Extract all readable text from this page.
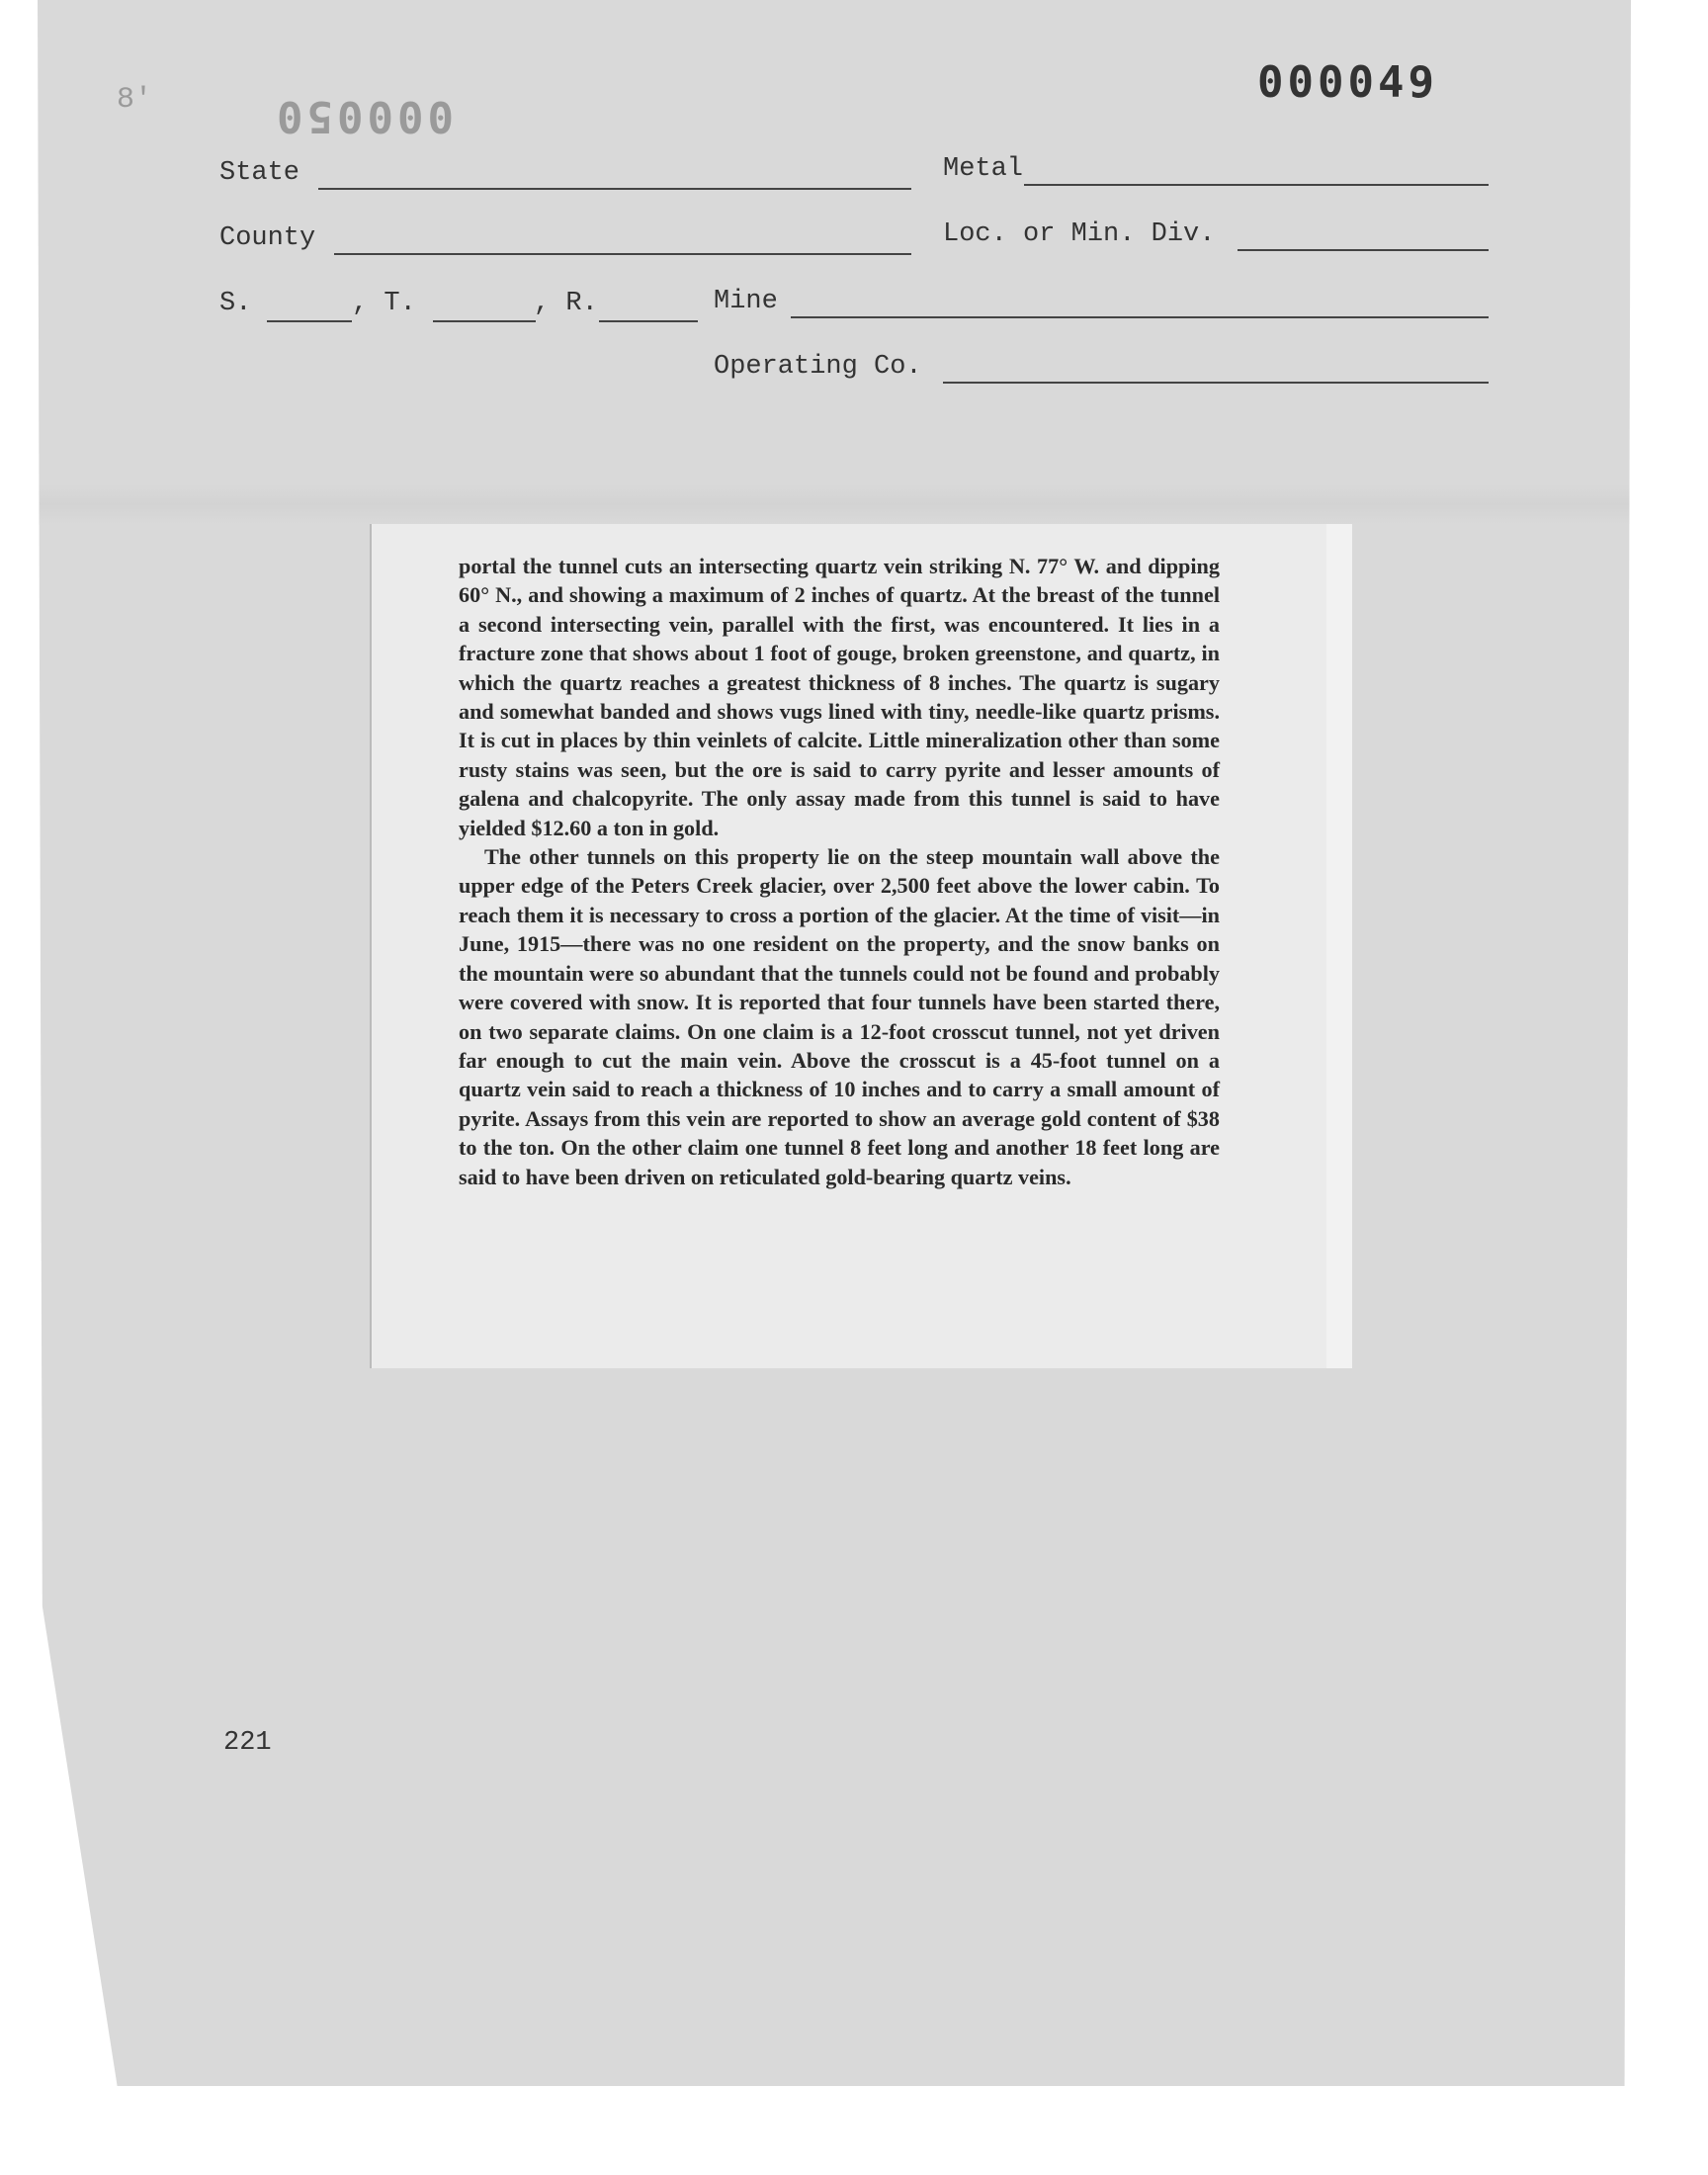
8'	000050
000049
State	Metal
County	Loc. or Min. Div.
S.	, T.	, R.	Mine
Operating Co.

portal the tunnel cuts an intersecting quartz vein striking N. 77° W. and dipping 60° N., and showing a maximum of 2 inches of quartz. At the breast of the tunnel a second intersecting vein, parallel with the first, was encountered. It lies in a fracture zone that shows about 1 foot of gouge, broken greenstone, and quartz, in which the quartz reaches a greatest thickness of 8 inches. The quartz is sugary and somewhat banded and shows vugs lined with tiny, needle-like quartz prisms. It is cut in places by thin veinlets of calcite. Little mineralization other than some rusty stains was seen, but the ore is said to carry pyrite and lesser amounts of galena and chalcopyrite. The only assay made from this tunnel is said to have yielded $12.60 a ton in gold.

The other tunnels on this property lie on the steep mountain wall above the upper edge of the Peters Creek glacier, over 2,500 feet above the lower cabin. To reach them it is necessary to cross a portion of the glacier. At the time of visit—in June, 1915—there was no one resident on the property, and the snow banks on the mountain were so abundant that the tunnels could not be found and probably were covered with snow. It is reported that four tunnels have been started there, on two separate claims. On one claim is a 12-foot crosscut tunnel, not yet driven far enough to cut the main vein. Above the crosscut is a 45-foot tunnel on a quartz vein said to reach a thickness of 10 inches and to carry a small amount of pyrite. Assays from this vein are reported to show an average gold content of $38 to the ton. On the other claim one tunnel 8 feet long and another 18 feet long are said to have been driven on reticulated gold-bearing quartz veins.

221
